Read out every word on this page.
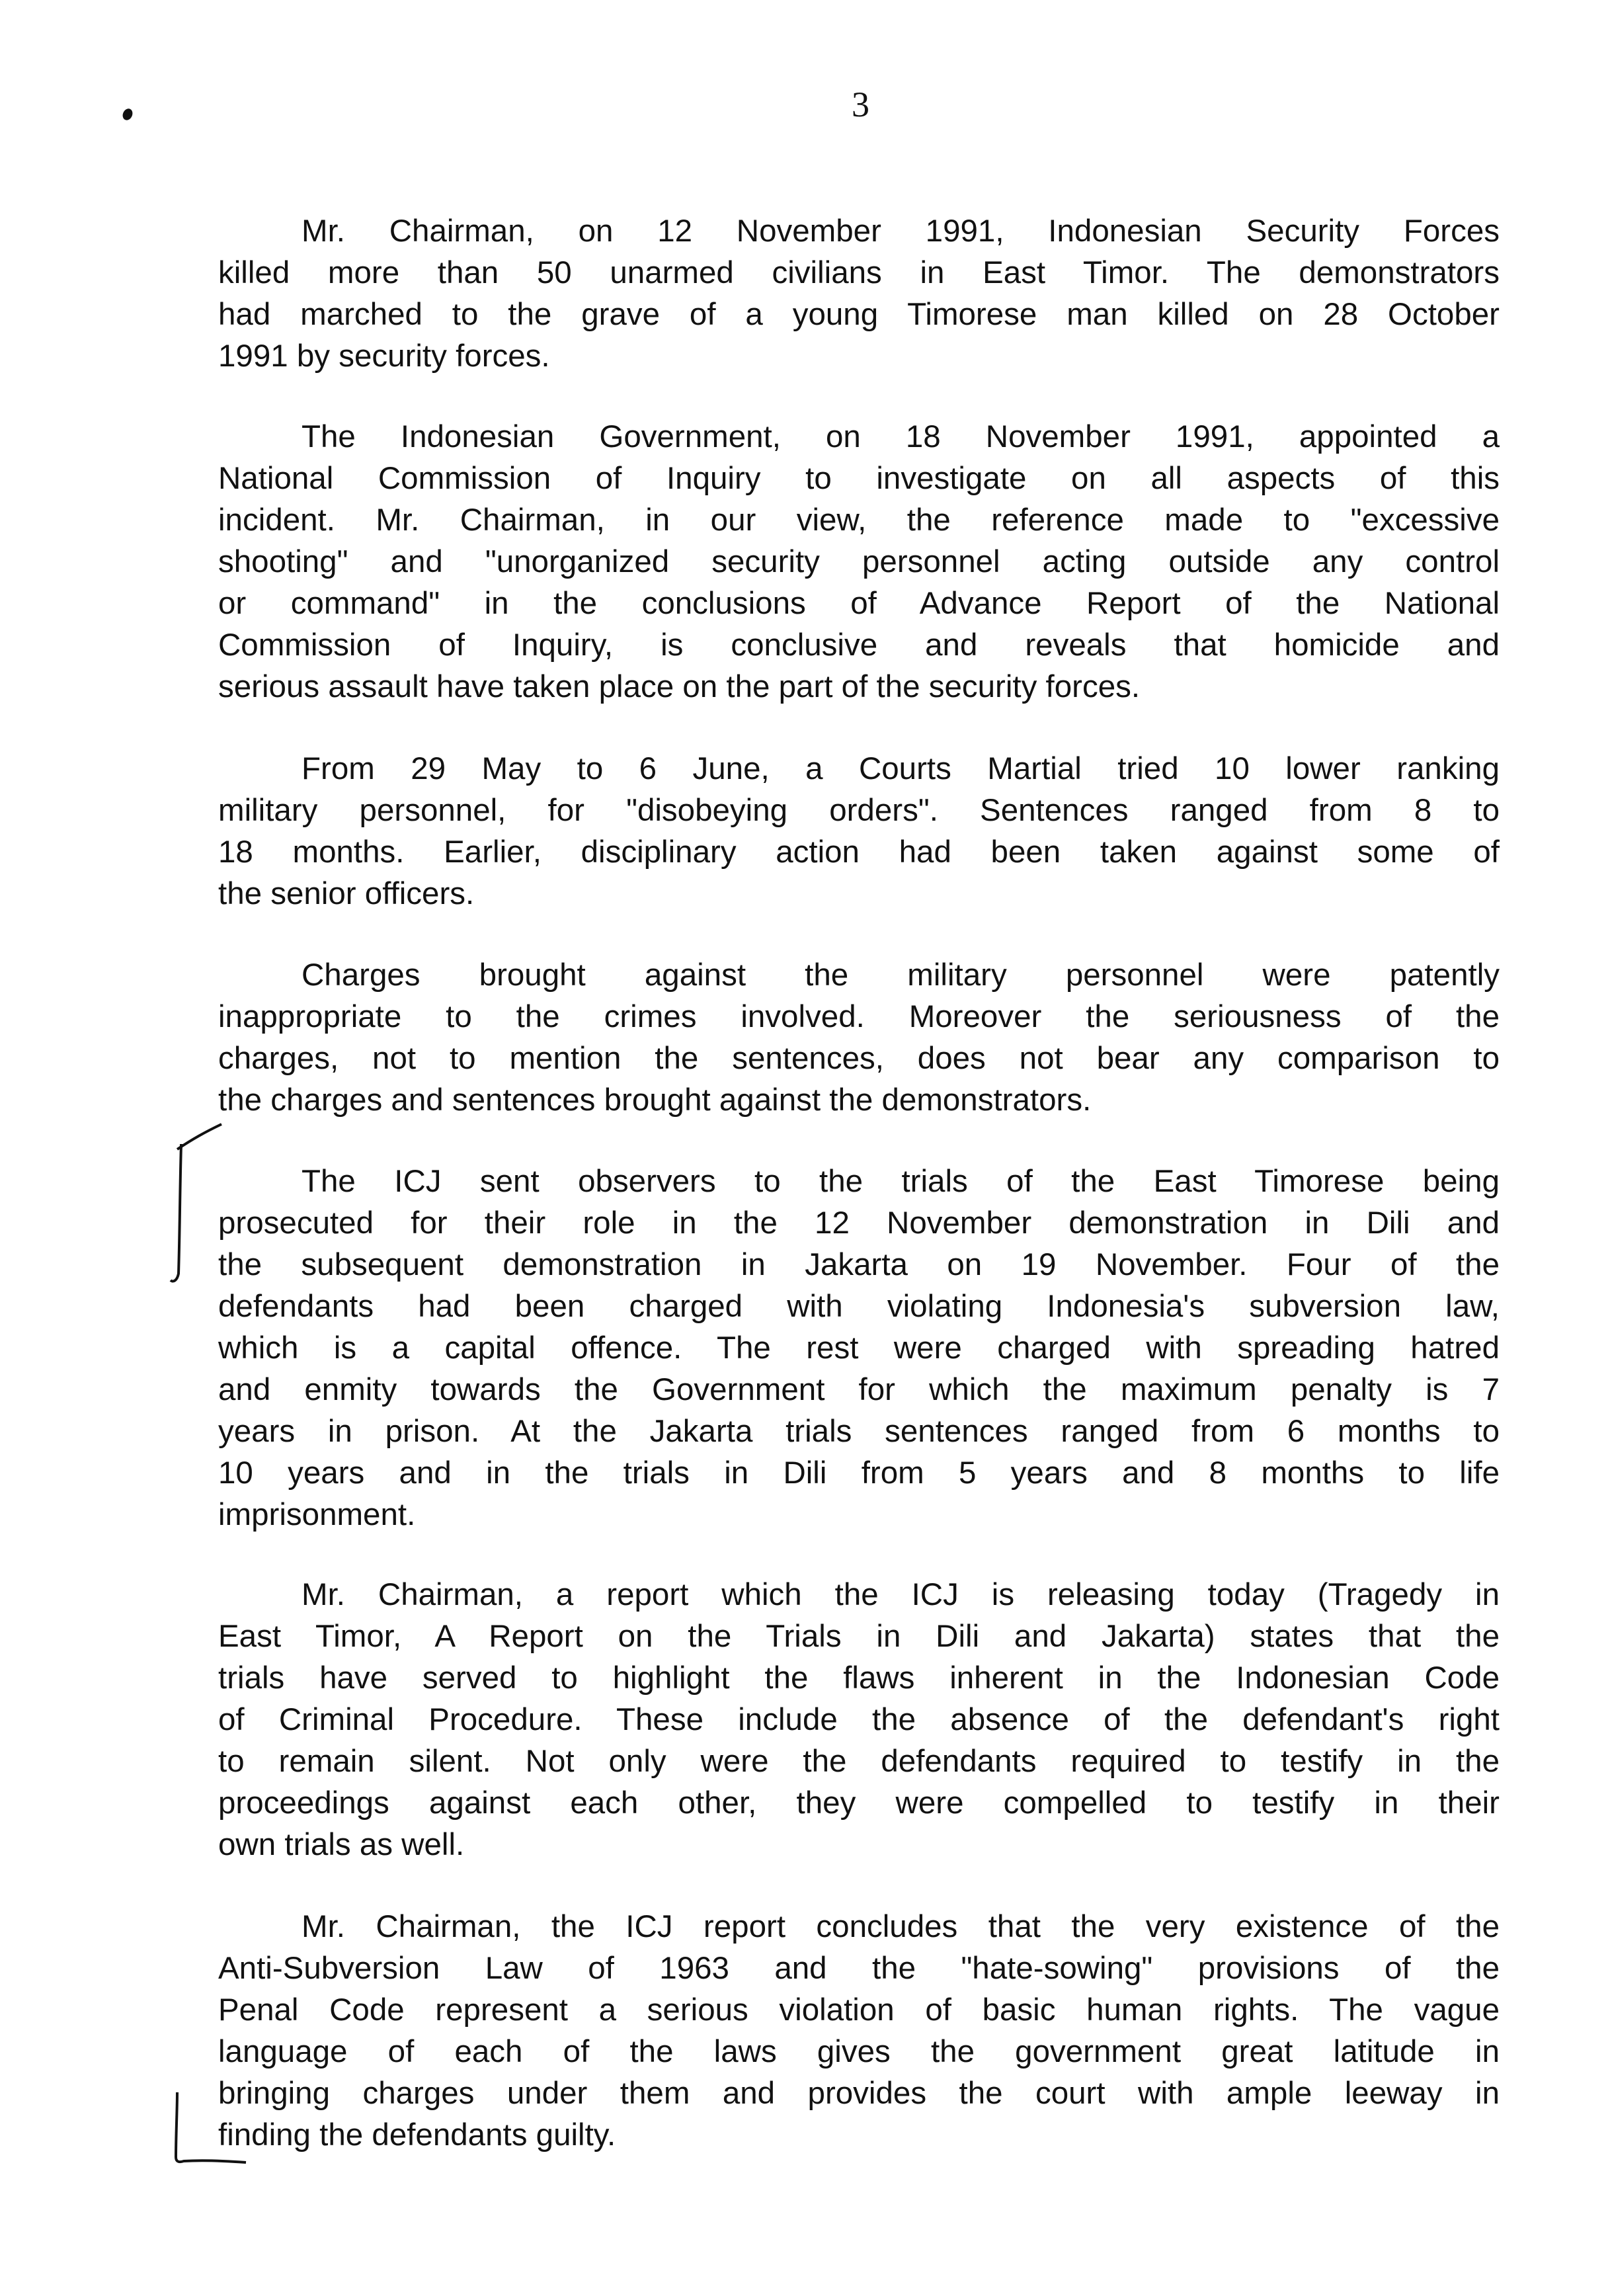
3
Mr. Chairman, on 12 November 1991, Indonesian Security Forces
killed more than 50 unarmed civilians in East Timor. The demonstrators
had marched to the grave of a young Timorese man killed on 28 October
1991 by security forces.
The Indonesian Government, on 18 November 1991, appointed a
National Commission of Inquiry to investigate on all aspects of this
incident. Mr. Chairman, in our view, the reference made to "excessive
shooting" and "unorganized security personnel acting outside any control
or command" in the conclusions of Advance Report of the National
Commission of Inquiry, is conclusive and reveals that homicide and
serious assault have taken place on the part of the security forces.
From 29 May to 6 June, a Courts Martial tried 10 lower ranking
military personnel, for "disobeying orders". Sentences ranged from 8 to
18 months. Earlier, disciplinary action had been taken against some of
the senior officers.
Charges brought against the military personnel were patently
inappropriate to the crimes involved. Moreover the seriousness of the
charges, not to mention the sentences, does not bear any comparison to
the charges and sentences brought against the demonstrators.
The ICJ sent observers to the trials of the East Timorese being
prosecuted for their role in the 12 November demonstration in Dili and
the subsequent demonstration in Jakarta on 19 November. Four of the
defendants had been charged with violating Indonesia's subversion law,
which is a capital offence. The rest were charged with spreading hatred
and enmity towards the Government for which the maximum penalty is 7
years in prison. At the Jakarta trials sentences ranged from 6 months to
10 years and in the trials in Dili from 5 years and 8 months to life
imprisonment.
Mr. Chairman, a report which the ICJ is releasing today (Tragedy in
East Timor, A Report on the Trials in Dili and Jakarta) states that the
trials have served to highlight the flaws inherent in the Indonesian Code
of Criminal Procedure. These include the absence of the defendant's right
to remain silent. Not only were the defendants required to testify in the
proceedings against each other, they were compelled to testify in their
own trials as well.
Mr. Chairman, the ICJ report concludes that the very existence of the
Anti-Subversion Law of 1963 and the "hate-sowing" provisions of the
Penal Code represent a serious violation of basic human rights. The vague
language of each of the laws gives the government great latitude in
bringing charges under them and provides the court with ample leeway in
finding the defendants guilty.
